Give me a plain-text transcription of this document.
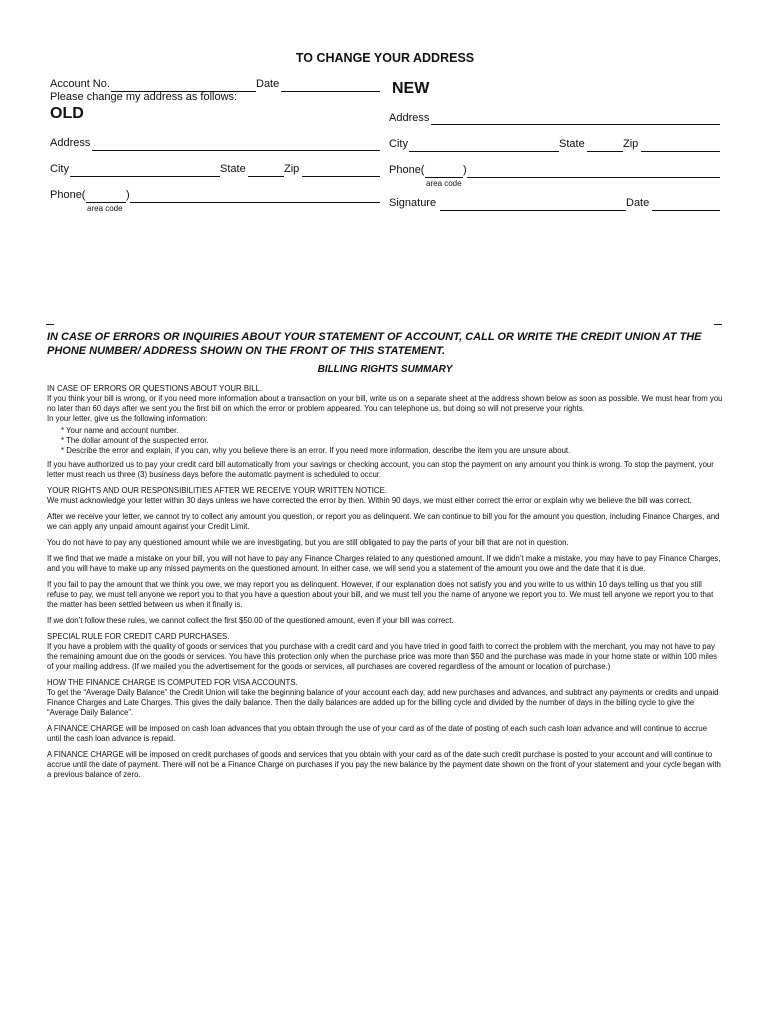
TO CHANGE YOUR ADDRESS
Account No.	Date
Please change my address as follows:
OLD
NEW
Address
City	State	Zip
Phone(	)
area code
Address
City	State	Zip
Phone(	)
area code
Signature	Date
IN CASE OF ERRORS OR INQUIRIES ABOUT YOUR STATEMENT OF ACCOUNT, CALL OR WRITE THE CREDIT UNION AT THE PHONE NUMBER/ ADDRESS SHOWN ON THE FRONT OF THIS STATEMENT.
BILLING RIGHTS SUMMARY

IN CASE OF ERRORS OR QUESTIONS ABOUT YOUR BILL.

If you think your bill is wrong, or if you need more information about a transaction on your bill, write us on a separate sheet at the address shown below as soon as possible. We must hear from you no later than 60 days after we sent you the first bill on which the error or problem appeared. You can telephone us, but doing so will not preserve your rights.

In your letter, give us the following information:

* Your name and account number.
* The dollar amount of the suspected error.
* Describe the error and explain, if you can, why you believe there is an error. If you need more information, describe the item you are unsure about.

If you have authorized us to pay your credit card bill automatically from your savings or checking account, you can stop the payment on any amount you think is wrong. To stop the payment, your letter must reach us three (3) business days before the automatic payment is scheduled to occur.

YOUR RIGHTS AND OUR RESPONSIBILITIES AFTER WE RECEIVE YOUR WRITTEN NOTICE.

We must acknowledge your letter within 30 days unless we have corrected the error by then. Within 90 days, we must either correct the error or explain why we believe the bill was correct.

After we receive your letter, we cannot try to collect any amount you question, or report you as delinquent. We can continue to bill you for the amount you question, including Finance Charges, and we can apply any unpaid amount against your Credit Limit.

You do not have to pay any questioned amount while we are investigating, but you are still obligated to pay the parts of your bill that are not in question.

If we find that we made a mistake on your bill, you will not have to pay any Finance Charges related to any questioned amount. If we didn’t make a mistake, you may have to pay Finance Charges, and you will have to make up any missed payments on the questioned amount. In either case, we will send you a statement of the amount you owe and the date that it is due.

If you fail to pay the amount that we think you owe, we may report you as delinquent. However, if our explanation does not satisfy you and you write to us within 10 days telling us that you still refuse to pay, we must tell anyone we report you to that you have a question about your bill, and we must tell you the name of anyone we report you to. We must tell anyone we report you to that the matter has been settled between us when it finally is.

If we don’t follow these rules, we cannot collect the first $50.00 of the questioned amount, even if your bill was correct.

SPECIAL RULE FOR CREDIT CARD PURCHASES.

If you have a problem with the quality of goods or services that you purchase with a credit card and you have tried in good faith to correct the problem with the merchant, you may not have to pay the remaining amount due on the goods or services. You have this protection only when the purchase price was more than $50 and the purchase was made in your home state or within 100 miles of your mailing address. (If we mailed you the advertisement for the goods or services, all purchases are covered regardless of the amount or location of purchase.)

HOW THE FINANCE CHARGE IS COMPUTED FOR VISA ACCOUNTS.

To get the “Average Daily Balance” the Credit Union will take the beginning balance of your account each day, add new purchases and advances, and subtract any payments or credits and unpaid Finance Charges and Late Charges. This gives the daily balance. Then the daily balances are added up for the billing cycle and divided by the number of days in the billing cycle to give the “Average Daily Balance”.

A FINANCE CHARGE will be imposed on cash loan advances that you obtain through the use of your card as of the date of posting of each such cash loan advance and will continue to accrue until the cash loan advance is repaid.

A FINANCE CHARGE will be imposed on credit purchases of goods and services that you obtain with your card as of the date such credit purchase is posted to your account and will continue to accrue until the date of payment. There will not be a Finance Charge on purchases if you pay the new balance by the payment date shown on the front of your statement and your cycle began with a previous balance of zero.
